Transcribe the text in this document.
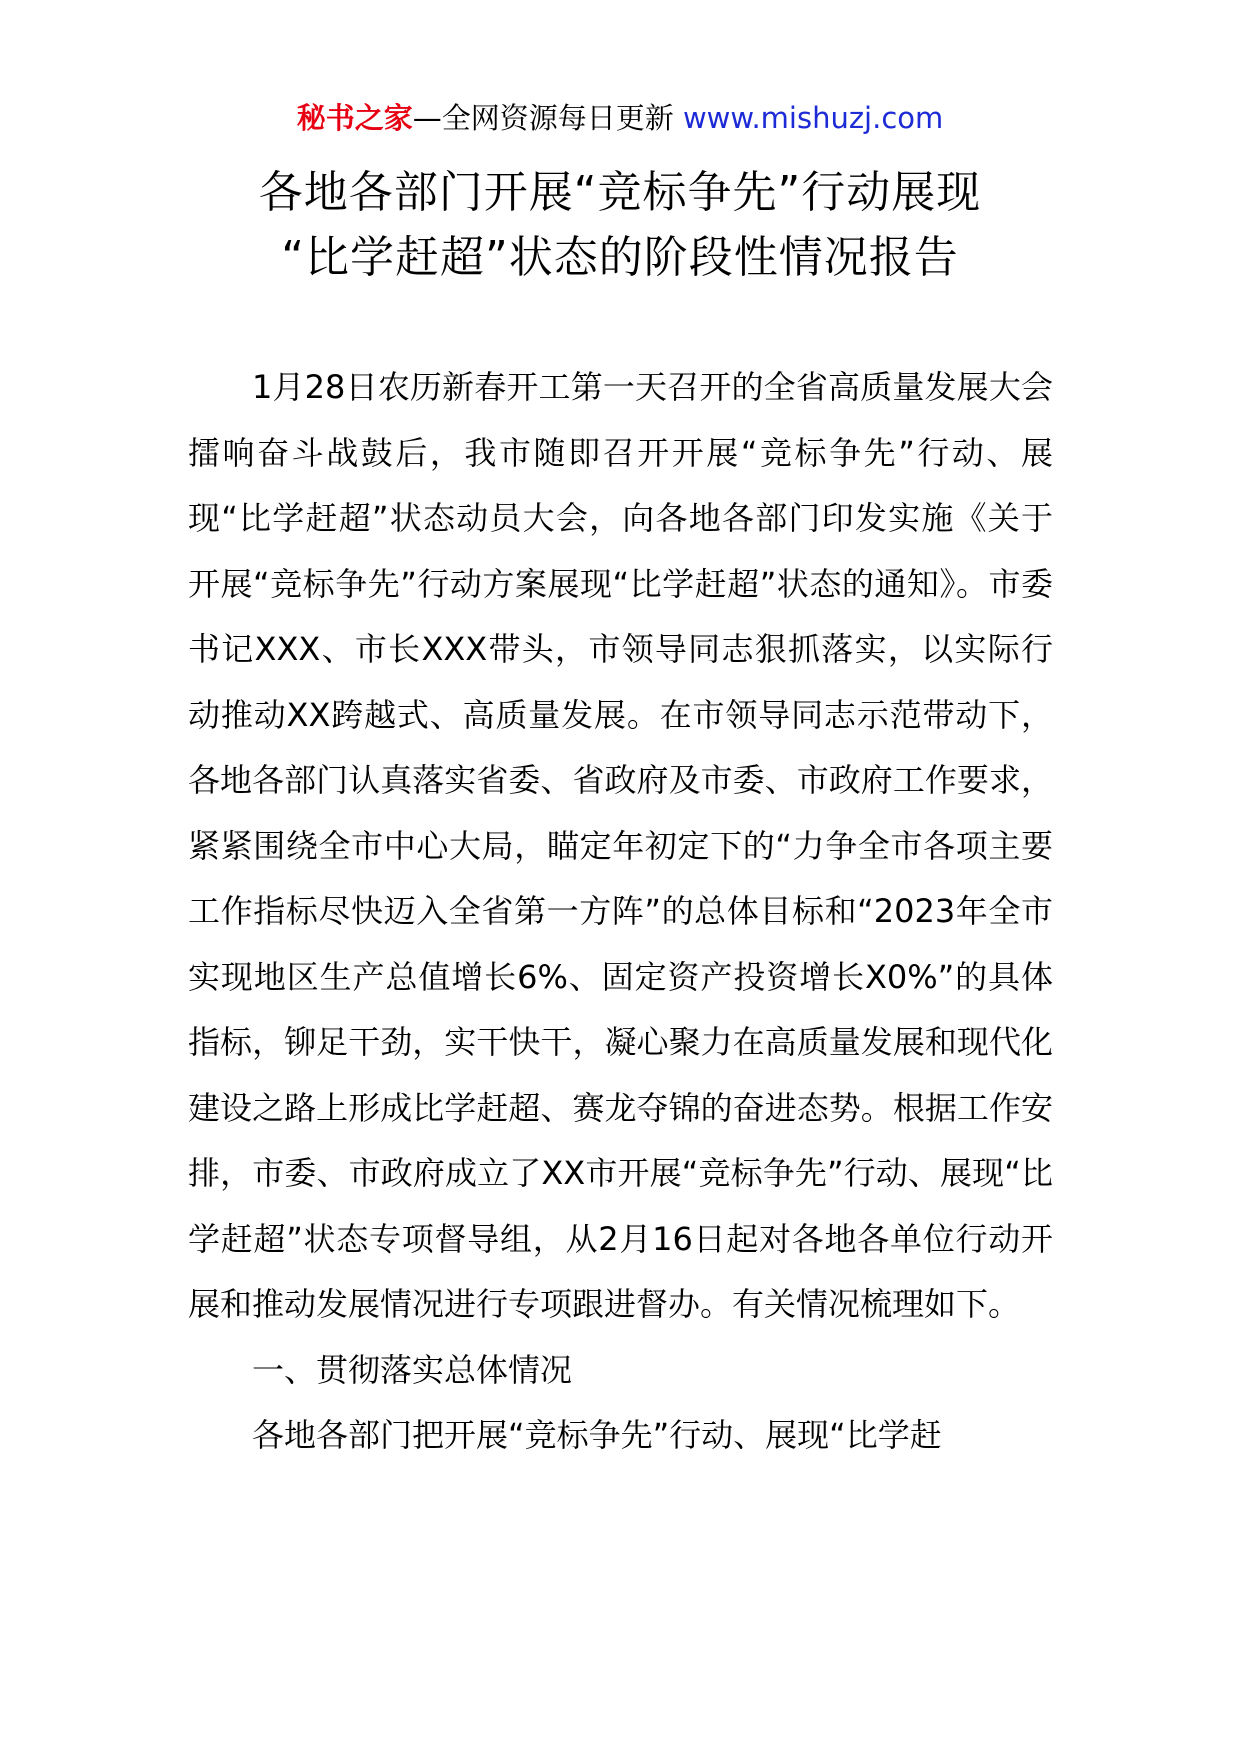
秘书之家—全网资源每日更新 www.mishuzj.com
各地各部门开展“竞标争先”行动展现
“比学赶超”状态的阶段性情况报告

1月28日农历新春开工第一天召开的全省高质量发展大会擂响奋斗战鼓后，我市随即召开开展“竞标争先”行动、展现“比学赶超”状态动员大会，向各地各部门印发实施《关于开展“竞标争先”行动方案展现“比学赶超”状态的通知》。市委书记XXX、市长XXX带头，市领导同志狠抓落实，以实际行动推动XX跨越式、高质量发展。在市领导同志示范带动下，各地各部门认真落实省委、省政府及市委、市政府工作要求，紧紧围绕全市中心大局，瞄定年初定下的“力争全市各项主要工作指标尽快迈入全省第一方阵”的总体目标和“2023年全市实现地区生产总值增长6%、固定资产投资增长X0%”的具体指标，铆足干劲，实干快干，凝心聚力在高质量发展和现代化建设之路上形成比学赶超、赛龙夺锦的奋进态势。根据工作安排，市委、市政府成立了XX市开展“竞标争先”行动、展现“比学赶超”状态专项督导组，从2月16日起对各地各单位行动开展和推动发展情况进行专项跟进督办。有关情况梳理如下。

一、贯彻落实总体情况

各地各部门把开展“竞标争先”行动、展现“比学赶
